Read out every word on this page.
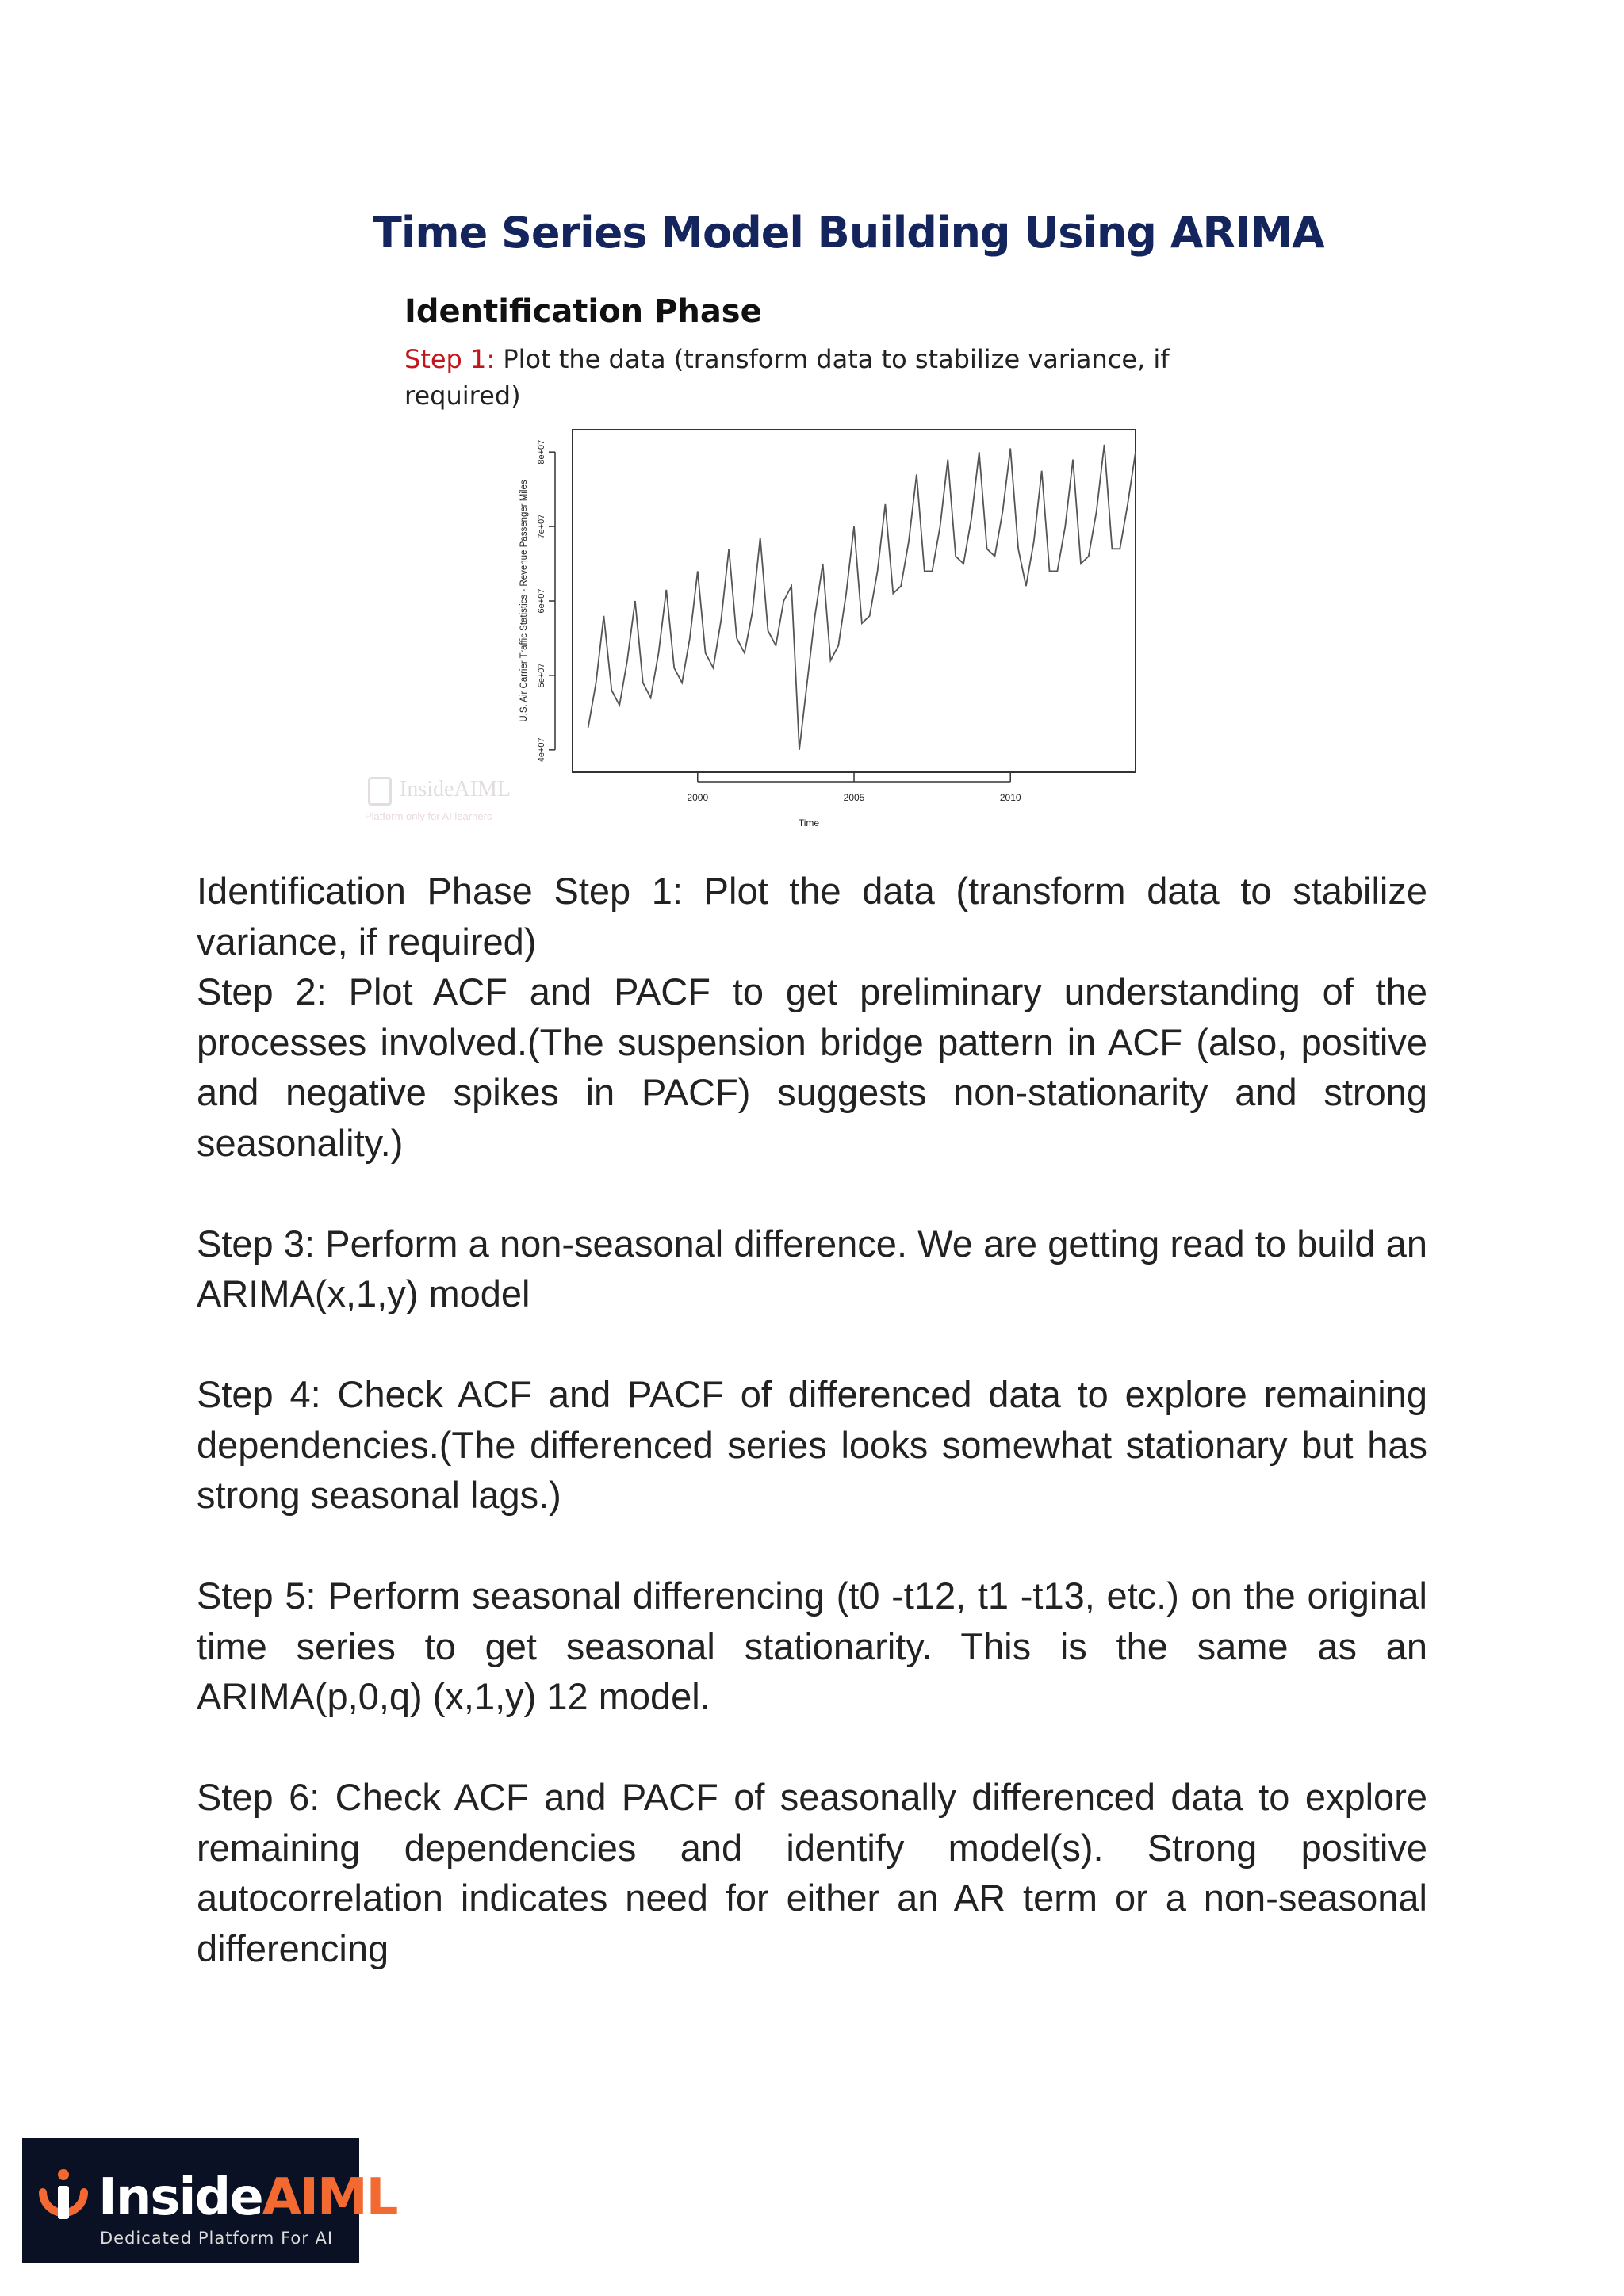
Time Series Model Building Using ARIMA
Identification Phase

Step 1: Plot the data (transform data to stabilize variance, if required)

4e+07
5e+07
6e+07
7e+07
8e+07
U.S. Air Carrier Traffic Statistics - Revenue Passenger Miles
2000	2005	2010
Time
InsideAIML
Platform only for AI learners

Identification Phase Step 1: Plot the data (transform data to stabilize variance, if required)

Step 2: Plot ACF and PACF to get preliminary understanding of the processes involved.(The suspension bridge pattern in ACF (also, positive and negative spikes in PACF) suggests non-stationarity and strong seasonality.)

Step 3: Perform a non-seasonal difference. We are getting read to build an ARIMA(x,1,y) model

Step 4: Check ACF and PACF of differenced data to explore remaining dependencies.(The differenced series looks somewhat stationary but has strong seasonal lags.)

Step 5: Perform seasonal differencing (t0 -t12, t1 -t13, etc.) on the original time series to get seasonal stationarity. This is the same as an ARIMA(p,0,q) (x,1,y) 12 model.

Step 6: Check ACF and PACF of seasonally differenced data to explore remaining dependencies and identify model(s). Strong positive autocorrelation indicates need for either an AR term or a non-seasonal differencing

InsideAIML
Dedicated Platform For AI
